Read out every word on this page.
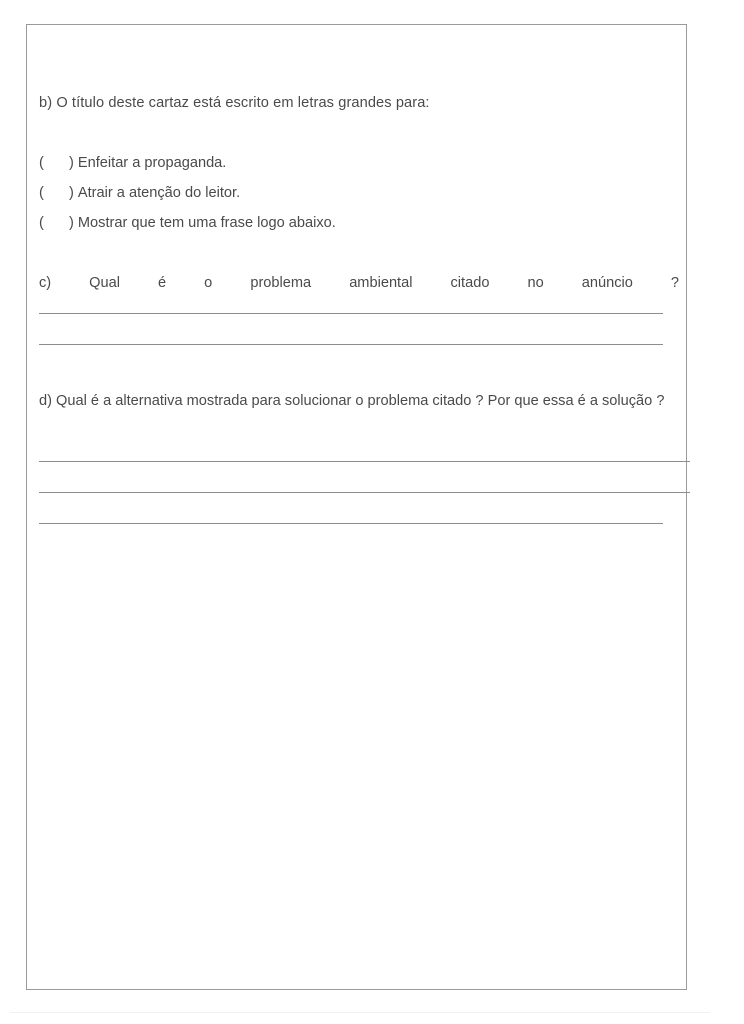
b) O título deste cartaz está escrito em letras grandes para:
( ) Enfeitar a propaganda.
( ) Atrair a atenção do leitor.
( ) Mostrar que tem uma frase logo abaixo.
c) Qual é o problema ambiental citado no anúncio ?
d) Qual é a alternativa mostrada para solucionar o problema citado ? Por que essa é a solução ?
